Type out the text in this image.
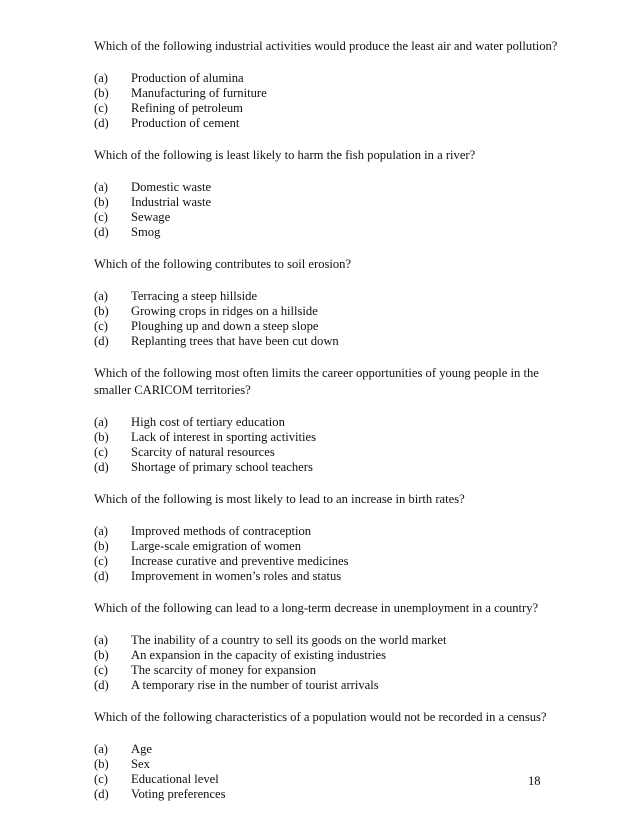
Which of the following industrial activities would produce the least air and water pollution?
(a)	Production of alumina
(b)	Manufacturing of furniture
(c)	Refining of petroleum
(d)	Production of cement
Which of the following is least likely to harm the fish population in a river?
(a)	Domestic waste
(b)	Industrial waste
(c)	Sewage
(d)	Smog
Which of the following contributes to soil erosion?
(a)	Terracing a steep hillside
(b)	Growing crops in ridges on a hillside
(c)	Ploughing up and down a steep slope
(d)	Replanting trees that have been cut down
Which of the following most often limits the career opportunities of young people in the smaller CARICOM territories?
(a)	High cost of tertiary education
(b)	Lack of interest in sporting activities
(c)	Scarcity of natural resources
(d)	Shortage of primary school teachers
Which of the following is most likely to lead to an increase in birth rates?
(a)	Improved methods of contraception
(b)	Large-scale emigration of women
(c)	Increase curative and preventive medicines
(d)	Improvement in women’s roles and status
Which of the following can lead to a long-term decrease in unemployment in a country?
(a)	The inability of a country to sell its goods on the world market
(b)	An expansion in the capacity of existing industries
(c)	The scarcity of money for expansion
(d)	A temporary rise in the number of tourist arrivals
Which of the following characteristics of a population would not be recorded in a census?
(a)	Age
(b)	Sex
(c)	Educational level
(d)	Voting preferences
18
